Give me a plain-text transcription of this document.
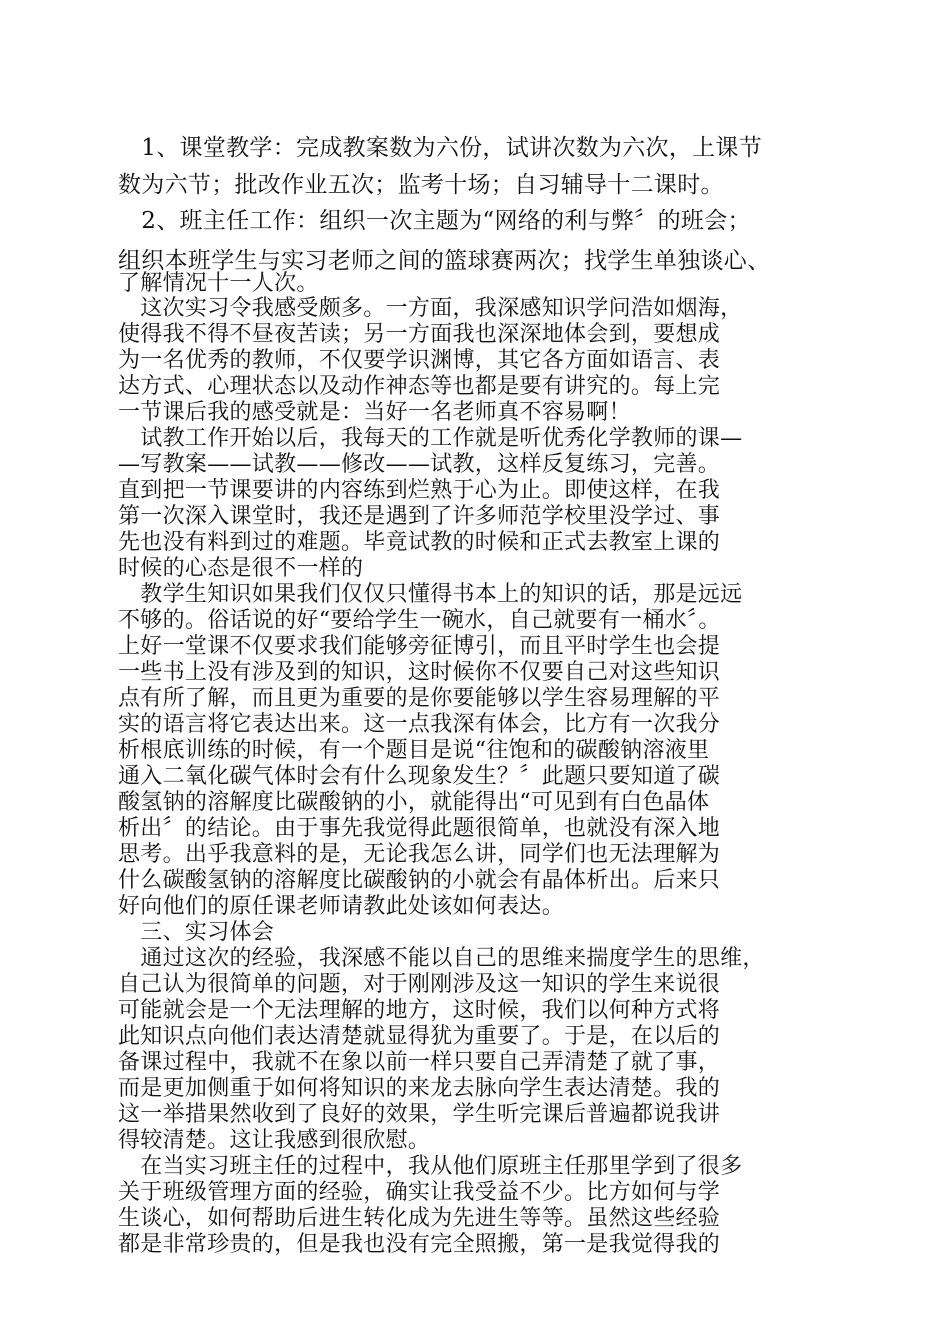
　1、课堂教学：完成教案数为六份，试讲次数为六次，上课节
数为六节；批改作业五次；监考十场；自习辅导十二课时。
　2、班主任工作：组织一次主题为“网络的利与弊〞的班会；
组织本班学生与实习老师之间的篮球赛两次；找学生单独谈心、
了解情况十一人次。
　这次实习令我感受颇多。一方面，我深感知识学问浩如烟海，
使得我不得不昼夜苦读；另一方面我也深深地体会到，要想成
为一名优秀的教师，不仅要学识渊博，其它各方面如语言、表
达方式、心理状态以及动作神态等也都是要有讲究的。每上完
一节课后我的感受就是：当好一名老师真不容易啊！
　试教工作开始以后，我每天的工作就是听优秀化学教师的课—
—写教案——试教——修改——试教，这样反复练习，完善。
直到把一节课要讲的内容练到烂熟于心为止。即使这样，在我
第一次深入课堂时，我还是遇到了许多师范学校里没学过、事
先也没有料到过的难题。毕竟试教的时候和正式去教室上课的
时候的心态是很不一样的
　教学生知识如果我们仅仅只懂得书本上的知识的话，那是远远
不够的。俗话说的好“要给学生一碗水，自己就要有一桶水〞。
上好一堂课不仅要求我们能够旁征博引，而且平时学生也会提
一些书上没有涉及到的知识，这时候你不仅要自己对这些知识
点有所了解，而且更为重要的是你要能够以学生容易理解的平
实的语言将它表达出来。这一点我深有体会，比方有一次我分
析根底训练的时候，有一个题目是说“往饱和的碳酸钠溶液里
通入二氧化碳气体时会有什么现象发生？〞此题只要知道了碳
酸氢钠的溶解度比碳酸钠的小，就能得出“可见到有白色晶体
析出〞的结论。由于事先我觉得此题很简单，也就没有深入地
思考。出乎我意料的是，无论我怎么讲，同学们也无法理解为
什么碳酸氢钠的溶解度比碳酸钠的小就会有晶体析出。后来只
好向他们的原任课老师请教此处该如何表达。
　三、实习体会
　通过这次的经验，我深感不能以自己的思维来揣度学生的思维，
自己认为很简单的问题，对于刚刚涉及这一知识的学生来说很
可能就会是一个无法理解的地方，这时候，我们以何种方式将
此知识点向他们表达清楚就显得犹为重要了。于是，在以后的
备课过程中，我就不在象以前一样只要自己弄清楚了就了事，
而是更加侧重于如何将知识的来龙去脉向学生表达清楚。我的
这一举措果然收到了良好的效果，学生听完课后普遍都说我讲
得较清楚。这让我感到很欣慰。
　在当实习班主任的过程中，我从他们原班主任那里学到了很多
关于班级管理方面的经验，确实让我受益不少。比方如何与学
生谈心，如何帮助后进生转化成为先进生等等。虽然这些经验
都是非常珍贵的，但是我也没有完全照搬，第一是我觉得我的
